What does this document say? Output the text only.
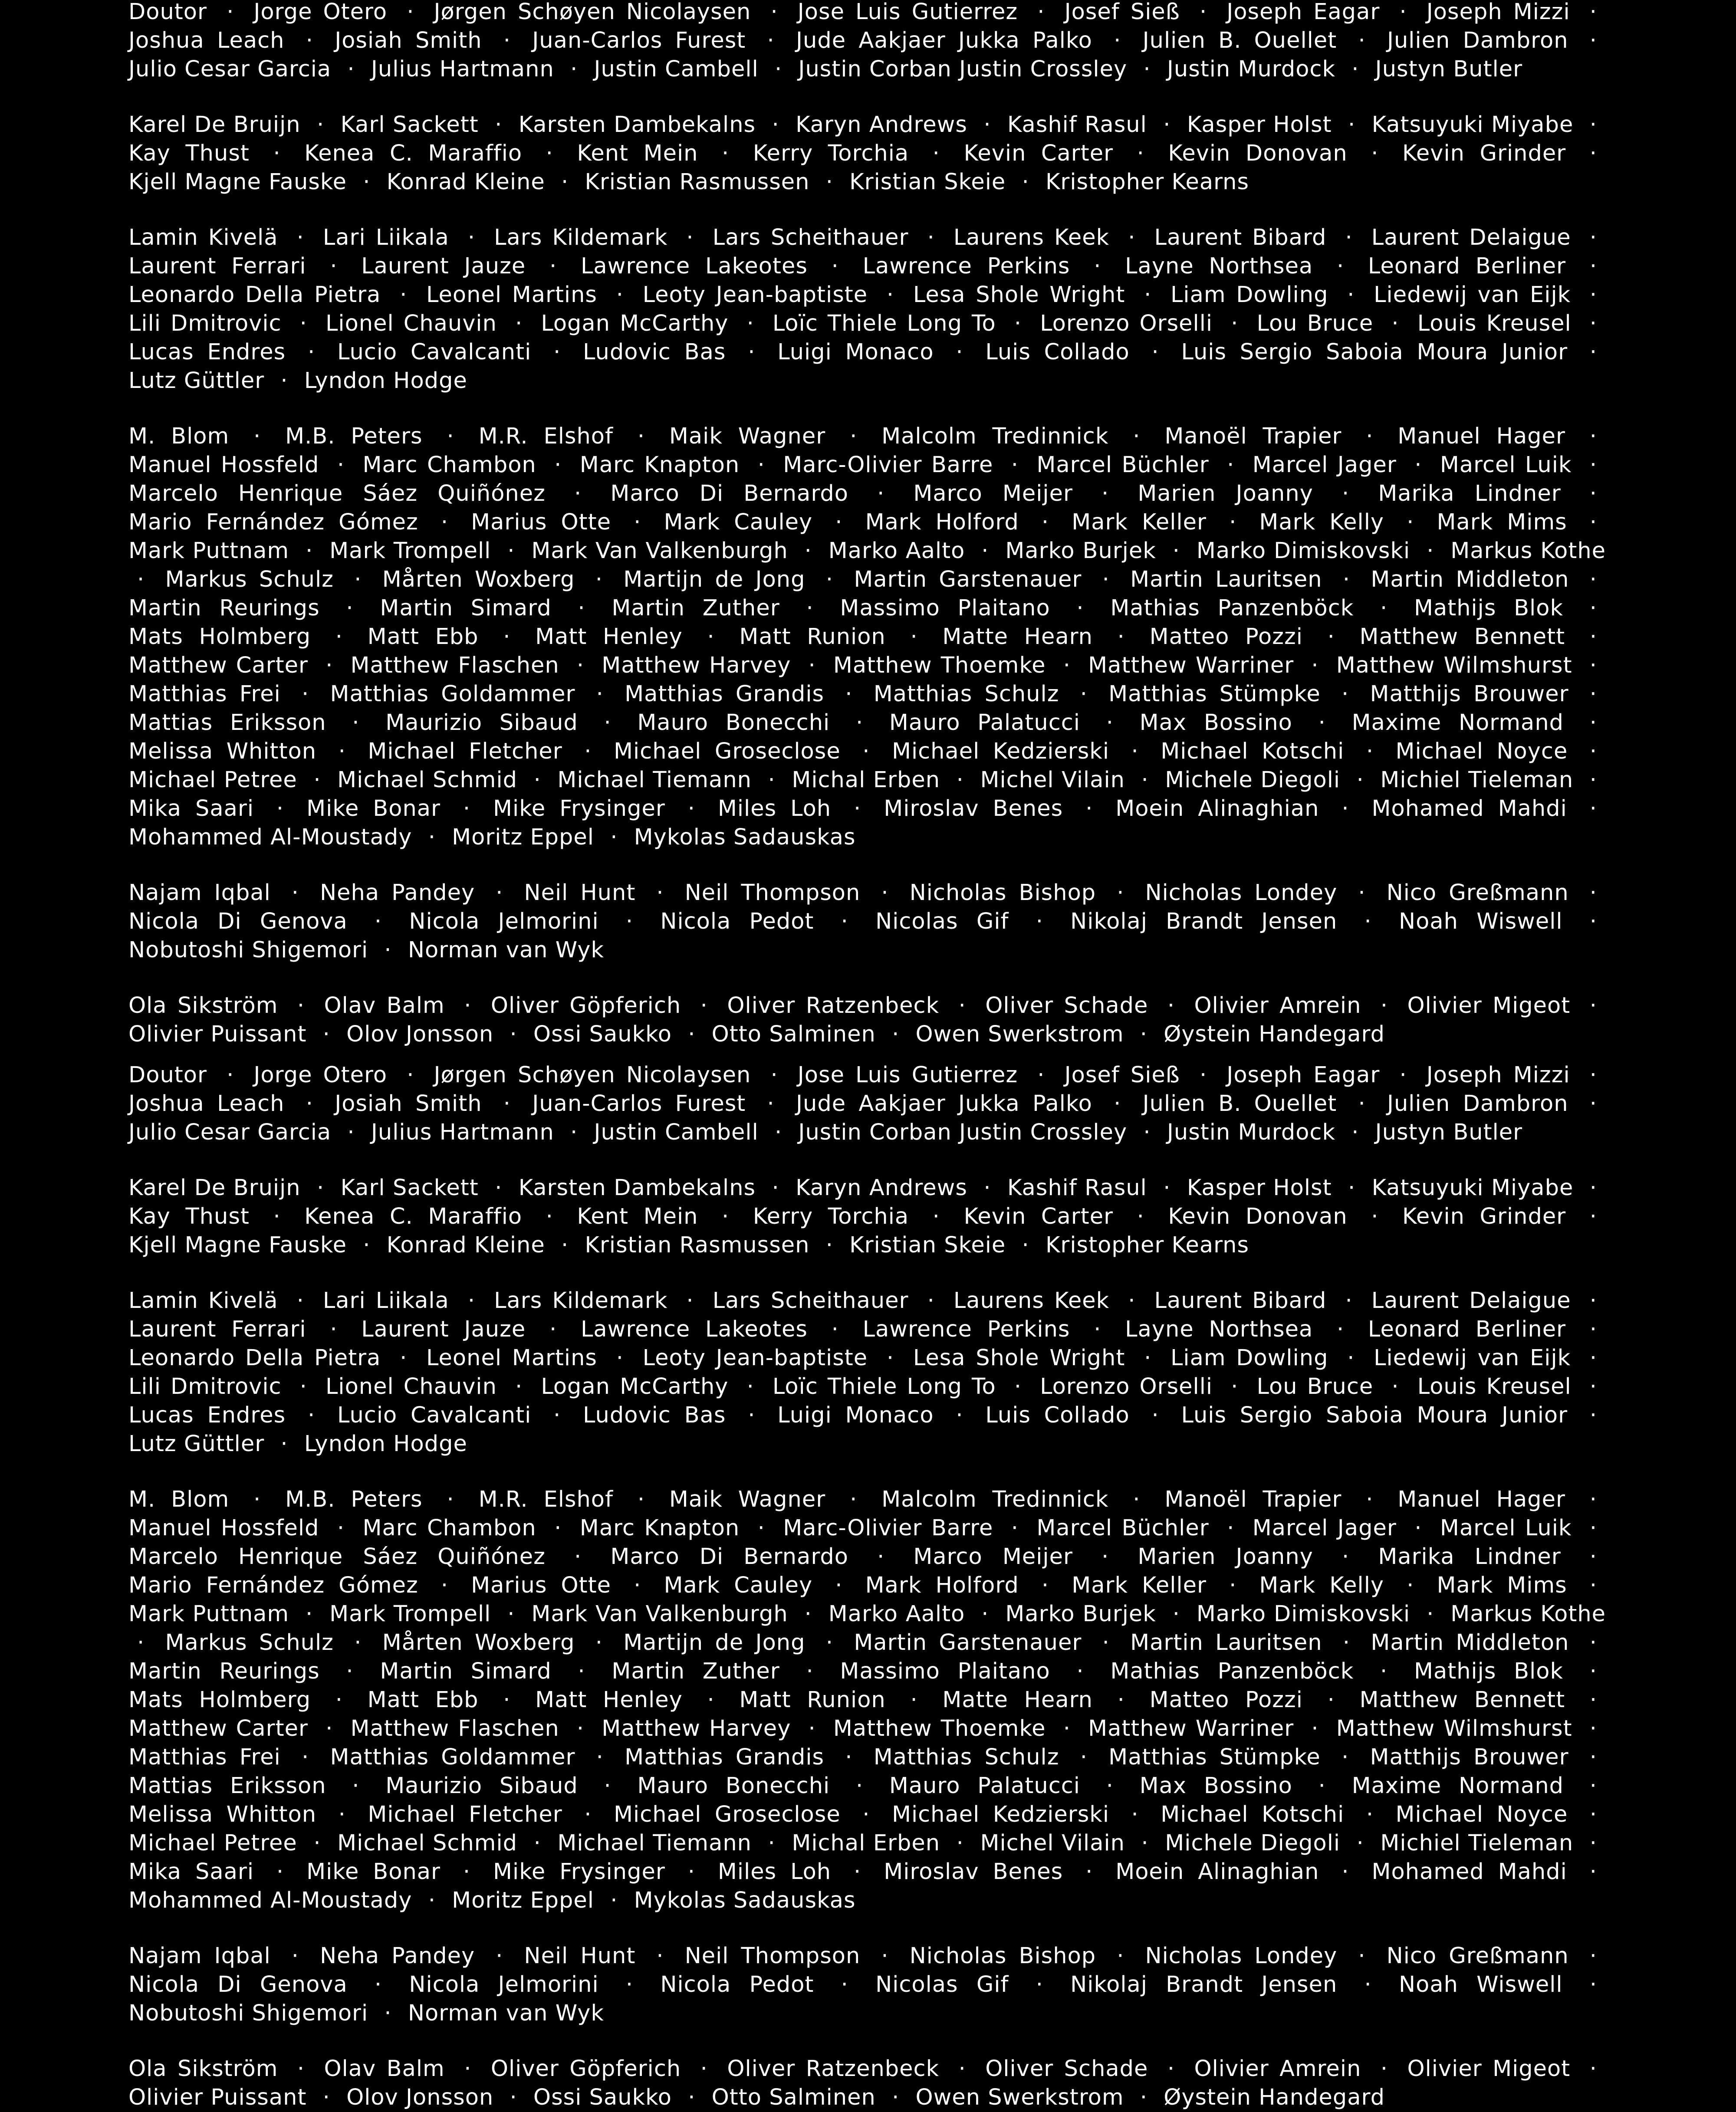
Doutor · Jorge Otero · Jørgen Schøyen Nicolaysen · Jose Luis Gutierrez · Josef Sieß · Joseph Eagar · Joseph Mizzi · Joshua Leach · Josiah Smith · Juan-Carlos Furest · Jude Aakjaer Jukka Palko · Julien B. Ouellet · Julien Dambron · Julio Cesar Garcia · Julius Hartmann · Justin Cambell · Justin Corban Justin Crossley · Justin Murdock · Justyn Butler

Karel De Bruijn · Karl Sackett · Karsten Dambekalns · Karyn Andrews · Kashif Rasul · Kasper Holst · Katsuyuki Miyabe · Kay Thust · Kenea C. Maraffio · Kent Mein · Kerry Torchia · Kevin Carter · Kevin Donovan · Kevin Grinder · Kjell Magne Fauske · Konrad Kleine · Kristian Rasmussen · Kristian Skeie · Kristopher Kearns

Lamin Kivelä · Lari Liikala · Lars Kildemark · Lars Scheithauer · Laurens Keek · Laurent Bibard · Laurent Delaigue · Laurent Ferrari · Laurent Jauze · Lawrence Lakeotes · Lawrence Perkins · Layne Northsea · Leonard Berliner · Leonardo Della Pietra · Leonel Martins · Leoty Jean-baptiste · Lesa Shole Wright · Liam Dowling · Liedewij van Eijk · Lili Dmitrovic · Lionel Chauvin · Logan McCarthy · Loïc Thiele Long To · Lorenzo Orselli · Lou Bruce · Louis Kreusel · Lucas Endres · Lucio Cavalcanti · Ludovic Bas · Luigi Monaco · Luis Collado · Luis Sergio Saboia Moura Junior · Lutz Güttler · Lyndon Hodge

M. Blom · M.B. Peters · M.R. Elshof · Maik Wagner · Malcolm Tredinnick · Manoël Trapier · Manuel Hager · Manuel Hossfeld · Marc Chambon · Marc Knapton · Marc-Olivier Barre · Marcel Büchler · Marcel Jager · Marcel Luik · Marcelo Henrique Sáez Quiñónez · Marco Di Bernardo · Marco Meijer · Marien Joanny · Marika Lindner · Mario Fernández Gómez · Marius Otte · Mark Cauley · Mark Holford · Mark Keller · Mark Kelly · Mark Mims · Mark Puttnam · Mark Trompell · Mark Van Valkenburgh · Marko Aalto · Marko Burjek · Marko Dimiskovski · Markus Kothe · Markus Schulz · Mårten Woxberg · Martijn de Jong · Martin Garstenauer · Martin Lauritsen · Martin Middleton · Martin Reurings · Martin Simard · Martin Zuther · Massimo Plaitano · Mathias Panzenböck · Mathijs Blok · Mats Holmberg · Matt Ebb · Matt Henley · Matt Runion · Matte Hearn · Matteo Pozzi · Matthew Bennett · Matthew Carter · Matthew Flaschen · Matthew Harvey · Matthew Thoemke · Matthew Warriner · Matthew Wilmshurst · Matthias Frei · Matthias Goldammer · Matthias Grandis · Matthias Schulz · Matthias Stümpke · Matthijs Brouwer · Mattias Eriksson · Maurizio Sibaud · Mauro Bonecchi · Mauro Palatucci · Max Bossino · Maxime Normand · Melissa Whitton · Michael Fletcher · Michael Groseclose · Michael Kedzierski · Michael Kotschi · Michael Noyce · Michael Petree · Michael Schmid · Michael Tiemann · Michal Erben · Michel Vilain · Michele Diegoli · Michiel Tieleman · Mika Saari · Mike Bonar · Mike Frysinger · Miles Loh · Miroslav Benes · Moein Alinaghian · Mohamed Mahdi · Mohammed Al-Moustady · Moritz Eppel · Mykolas Sadauskas

Najam Iqbal · Neha Pandey · Neil Hunt · Neil Thompson · Nicholas Bishop · Nicholas Londey · Nico Greßmann · Nicola Di Genova · Nicola Jelmorini · Nicola Pedot · Nicolas Gif · Nikolaj Brandt Jensen · Noah Wiswell · Nobutoshi Shigemori · Norman van Wyk

Ola Sikström · Olav Balm · Oliver Göpferich · Oliver Ratzenbeck · Oliver Schade · Olivier Amrein · Olivier Migeot · Olivier Puissant · Olov Jonsson · Ossi Saukko · Otto Salminen · Owen Swerkstrom · Øystein Handegard

Doutor · Jorge Otero · Jørgen Schøyen Nicolaysen · Jose Luis Gutierrez · Josef Sieß · Joseph Eagar · Joseph Mizzi · Joshua Leach · Josiah Smith · Juan-Carlos Furest · Jude Aakjaer Jukka Palko · Julien B. Ouellet · Julien Dambron · Julio Cesar Garcia · Julius Hartmann · Justin Cambell · Justin Corban Justin Crossley · Justin Murdock · Justyn Butler

Karel De Bruijn · Karl Sackett · Karsten Dambekalns · Karyn Andrews · Kashif Rasul · Kasper Holst · Katsuyuki Miyabe · Kay Thust · Kenea C. Maraffio · Kent Mein · Kerry Torchia · Kevin Carter · Kevin Donovan · Kevin Grinder · Kjell Magne Fauske · Konrad Kleine · Kristian Rasmussen · Kristian Skeie · Kristopher Kearns

Lamin Kivelä · Lari Liikala · Lars Kildemark · Lars Scheithauer · Laurens Keek · Laurent Bibard · Laurent Delaigue · Laurent Ferrari · Laurent Jauze · Lawrence Lakeotes · Lawrence Perkins · Layne Northsea · Leonard Berliner · Leonardo Della Pietra · Leonel Martins · Leoty Jean-baptiste · Lesa Shole Wright · Liam Dowling · Liedewij van Eijk · Lili Dmitrovic · Lionel Chauvin · Logan McCarthy · Loïc Thiele Long To · Lorenzo Orselli · Lou Bruce · Louis Kreusel · Lucas Endres · Lucio Cavalcanti · Ludovic Bas · Luigi Monaco · Luis Collado · Luis Sergio Saboia Moura Junior · Lutz Güttler · Lyndon Hodge

M. Blom · M.B. Peters · M.R. Elshof · Maik Wagner · Malcolm Tredinnick · Manoël Trapier · Manuel Hager · Manuel Hossfeld · Marc Chambon · Marc Knapton · Marc-Olivier Barre · Marcel Büchler · Marcel Jager · Marcel Luik · Marcelo Henrique Sáez Quiñónez · Marco Di Bernardo · Marco Meijer · Marien Joanny · Marika Lindner · Mario Fernández Gómez · Marius Otte · Mark Cauley · Mark Holford · Mark Keller · Mark Kelly · Mark Mims · Mark Puttnam · Mark Trompell · Mark Van Valkenburgh · Marko Aalto · Marko Burjek · Marko Dimiskovski · Markus Kothe · Markus Schulz · Mårten Woxberg · Martijn de Jong · Martin Garstenauer · Martin Lauritsen · Martin Middleton · Martin Reurings · Martin Simard · Martin Zuther · Massimo Plaitano · Mathias Panzenböck · Mathijs Blok · Mats Holmberg · Matt Ebb · Matt Henley · Matt Runion · Matte Hearn · Matteo Pozzi · Matthew Bennett · Matthew Carter · Matthew Flaschen · Matthew Harvey · Matthew Thoemke · Matthew Warriner · Matthew Wilmshurst · Matthias Frei · Matthias Goldammer · Matthias Grandis · Matthias Schulz · Matthias Stümpke · Matthijs Brouwer · Mattias Eriksson · Maurizio Sibaud · Mauro Bonecchi · Mauro Palatucci · Max Bossino · Maxime Normand · Melissa Whitton · Michael Fletcher · Michael Groseclose · Michael Kedzierski · Michael Kotschi · Michael Noyce · Michael Petree · Michael Schmid · Michael Tiemann · Michal Erben · Michel Vilain · Michele Diegoli · Michiel Tieleman · Mika Saari · Mike Bonar · Mike Frysinger · Miles Loh · Miroslav Benes · Moein Alinaghian · Mohamed Mahdi · Mohammed Al-Moustady · Moritz Eppel · Mykolas Sadauskas

Najam Iqbal · Neha Pandey · Neil Hunt · Neil Thompson · Nicholas Bishop · Nicholas Londey · Nico Greßmann · Nicola Di Genova · Nicola Jelmorini · Nicola Pedot · Nicolas Gif · Nikolaj Brandt Jensen · Noah Wiswell · Nobutoshi Shigemori · Norman van Wyk

Ola Sikström · Olav Balm · Oliver Göpferich · Oliver Ratzenbeck · Oliver Schade · Olivier Amrein · Olivier Migeot · Olivier Puissant · Olov Jonsson · Ossi Saukko · Otto Salminen · Owen Swerkstrom · Øystein Handegard
